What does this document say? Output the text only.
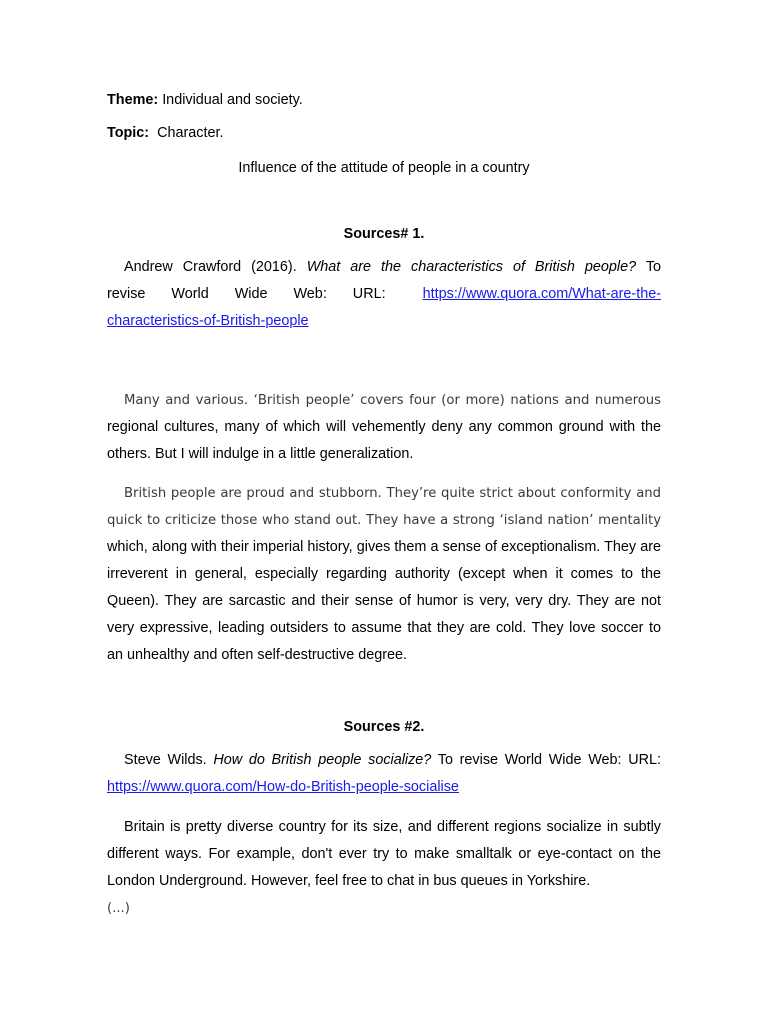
Theme: Individual and society.
Topic: Character.
Influence of the attitude of people in a country
Sources# 1.
Andrew Crawford (2016). What are the characteristics of British people? To
revise World Wide Web: URL:	https://www.quora.com/What-are-the-
characteristics-of-British-people
Many and various. ‘British people’ covers four (or more) nations and numerous
regional cultures, many of which will vehemently deny any common ground with the others. But I will indulge in a little generalization.
British people are proud and stubborn. They’re quite strict about conformity and quick to criticize those who stand out. They have a strong ‘island nation’ mentality
which, along with their imperial history, gives them a sense of exceptionalism. They are irreverent in general, especially regarding authority (except when it comes to the Queen). They are sarcastic and their sense of humor is very, very dry. They are not very expressive, leading outsiders to assume that they are cold. They love soccer to an unhealthy and often self-destructive degree.
Sources #2.
Steve Wilds. How do British people socialize? To revise World Wide Web: URL:
https://www.quora.com/How-do-British-people-socialise
Britain is pretty diverse country for its size, and different regions socialize in subtly different ways. For example, don't ever try to make smalltalk or eye-contact on the London Underground. However, feel free to chat in bus queues in Yorkshire.
(...)
